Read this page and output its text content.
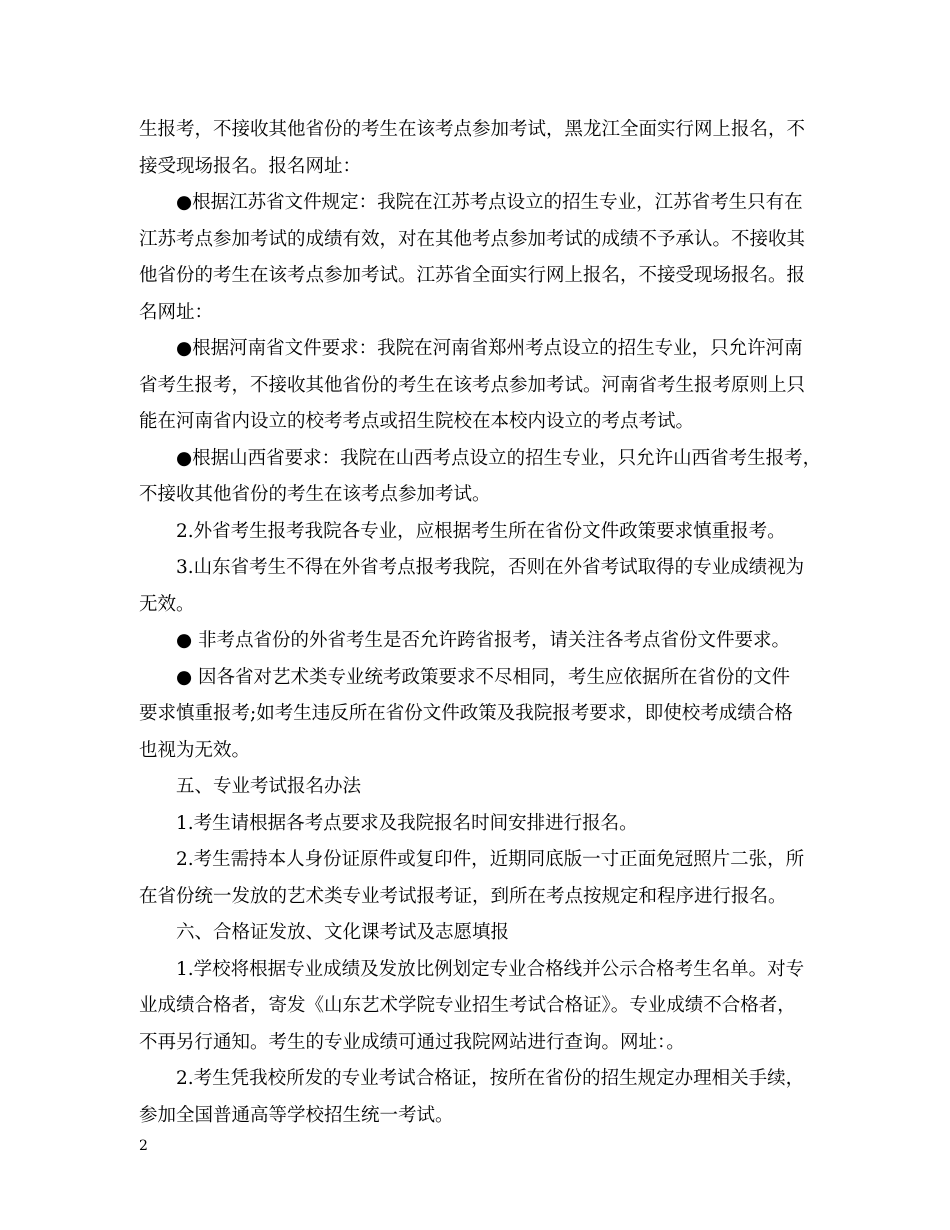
生报考，不接收其他省份的考生在该考点参加考试，黑龙江全面实行网上报名，不
接受现场报名。报名网址：
●根据江苏省文件规定：我院在江苏考点设立的招生专业，江苏省考生只有在
江苏考点参加考试的成绩有效，对在其他考点参加考试的成绩不予承认。不接收其
他省份的考生在该考点参加考试。江苏省全面实行网上报名，不接受现场报名。报
名网址：
●根据河南省文件要求：我院在河南省郑州考点设立的招生专业，只允许河南
省考生报考，不接收其他省份的考生在该考点参加考试。河南省考生报考原则上只
能在河南省内设立的校考考点或招生院校在本校内设立的考点考试。
●根据山西省要求：我院在山西考点设立的招生专业，只允许山西省考生报考，
不接收其他省份的考生在该考点参加考试。
2.外省考生报考我院各专业，应根据考生所在省份文件政策要求慎重报考。
3.山东省考生不得在外省考点报考我院，否则在外省考试取得的专业成绩视为
无效。
● 非考点省份的外省考生是否允许跨省报考，请关注各考点省份文件要求。
● 因各省对艺术类专业统考政策要求不尽相同，考生应依据所在省份的文件
要求慎重报考;如考生违反所在省份文件政策及我院报考要求，即使校考成绩合格
也视为无效。
五、专业考试报名办法
1.考生请根据各考点要求及我院报名时间安排进行报名。
2.考生需持本人身份证原件或复印件，近期同底版一寸正面免冠照片二张，所
在省份统一发放的艺术类专业考试报考证，到所在考点按规定和程序进行报名。
六、合格证发放、文化课考试及志愿填报
1.学校将根据专业成绩及发放比例划定专业合格线并公示合格考生名单。对专
业成绩合格者，寄发《山东艺术学院专业招生考试合格证》。专业成绩不合格者，
不再另行通知。考生的专业成绩可通过我院网站进行查询。网址：。
2.考生凭我校所发的专业考试合格证，按所在省份的招生规定办理相关手续，
参加全国普通高等学校招生统一考试。
2
